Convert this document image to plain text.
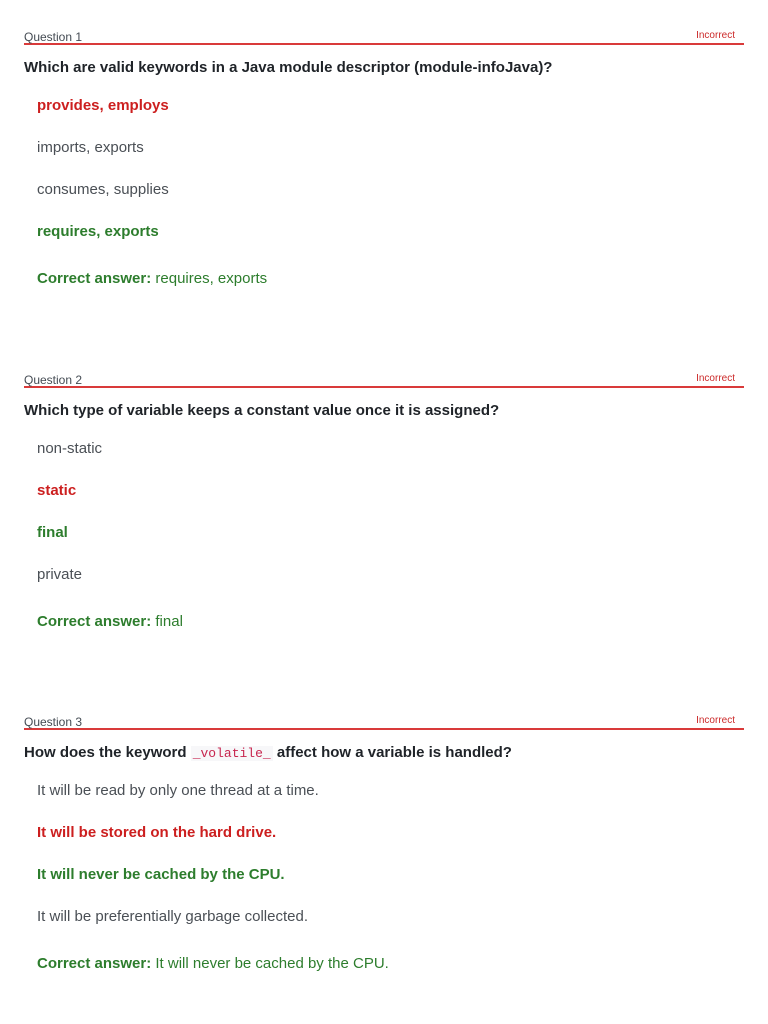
Question 1	Incorrect
Which are valid keywords in a Java module descriptor (module-infoJava)?
provides, employs
imports, exports
consumes, supplies
requires, exports
Correct answer: requires, exports
Question 2	Incorrect
Which type of variable keeps a constant value once it is assigned?
non-static
static
final
private
Correct answer: final
Question 3	Incorrect
How does the keyword _volatile_ affect how a variable is handled?
It will be read by only one thread at a time.
It will be stored on the hard drive.
It will never be cached by the CPU.
It will be preferentially garbage collected.
Correct answer: It will never be cached by the CPU.
